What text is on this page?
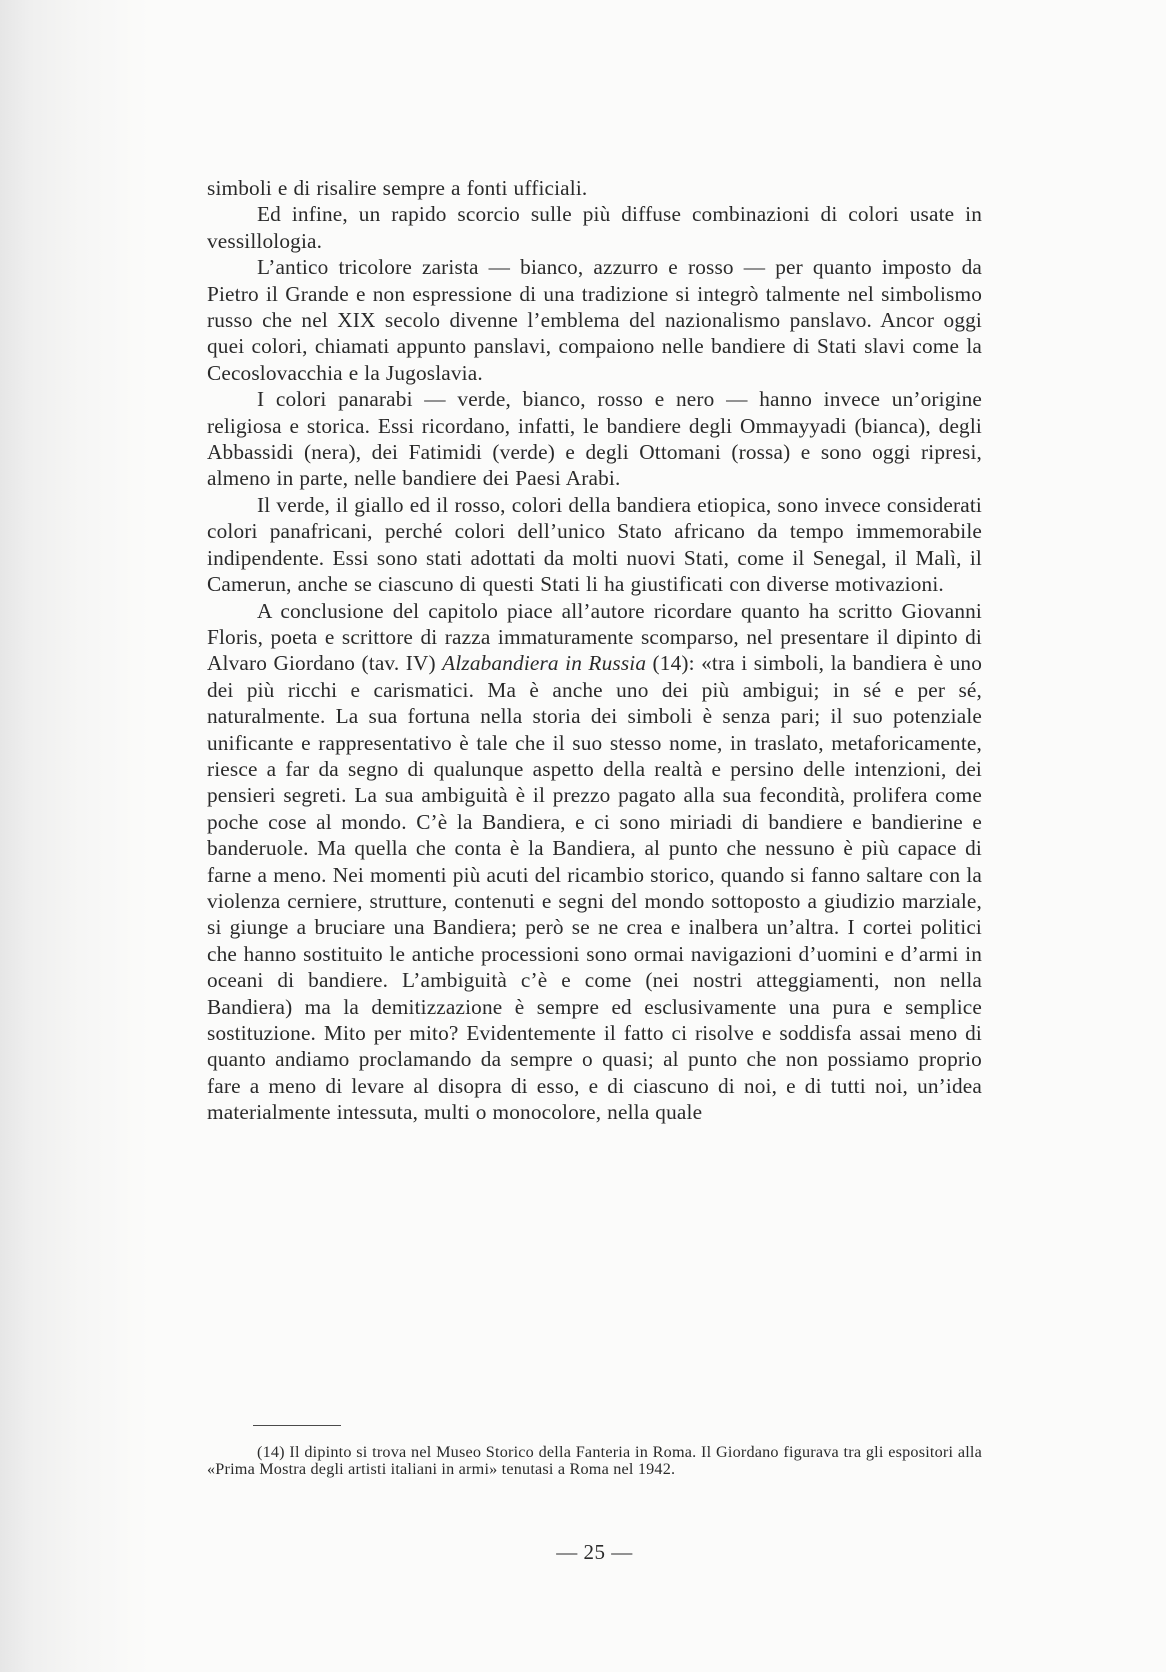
simboli e di risalire sempre a fonti ufficiali.

Ed infine, un rapido scorcio sulle più diffuse combinazioni di colori usate in vessillologia.

L’antico tricolore zarista — bianco, azzurro e rosso — per quanto imposto da Pietro il Grande e non espressione di una tradizione si integrò talmente nel simbolismo russo che nel XIX secolo divenne l’emblema del nazionalismo panslavo. Ancor oggi quei colori, chiamati appunto panslavi, compaiono nelle bandiere di Stati slavi come la Cecoslovacchia e la Jugoslavia.

I colori panarabi — verde, bianco, rosso e nero — hanno invece un’origine religiosa e storica. Essi ricordano, infatti, le bandiere degli Ommayyadi (bianca), degli Abbassidi (nera), dei Fatimidi (verde) e degli Ottomani (rossa) e sono oggi ripresi, almeno in parte, nelle bandiere dei Paesi Arabi.

Il verde, il giallo ed il rosso, colori della bandiera etiopica, sono invece considerati colori panafricani, perché colori dell’unico Stato africano da tempo immemorabile indipendente. Essi sono stati adottati da molti nuovi Stati, come il Senegal, il Malì, il Camerun, anche se ciascuno di questi Stati li ha giustificati con diverse motivazioni.

A conclusione del capitolo piace all’autore ricordare quanto ha scritto Giovanni Floris, poeta e scrittore di razza immaturamente scomparso, nel presentare il dipinto di Alvaro Giordano (tav. IV) Alzabandiera in Russia (14): «tra i simboli, la bandiera è uno dei più ricchi e carismatici. Ma è anche uno dei più ambigui; in sé e per sé, naturalmente. La sua fortuna nella storia dei simboli è senza pari; il suo potenziale unificante e rappresentativo è tale che il suo stesso nome, in traslato, metaforicamente, riesce a far da segno di qualunque aspetto della realtà e persino delle intenzioni, dei pensieri segreti. La sua ambiguità è il prezzo pagato alla sua fecondità, prolifera come poche cose al mondo. C’è la Bandiera, e ci sono miriadi di bandiere e bandierine e banderuole. Ma quella che conta è la Bandiera, al punto che nessuno è più capace di farne a meno. Nei momenti più acuti del ricambio storico, quando si fanno saltare con la violenza cerniere, strutture, contenuti e segni del mondo sottoposto a giudizio marziale, si giunge a bruciare una Bandiera; però se ne crea e inalbera un’altra. I cortei politici che hanno sostituito le antiche processioni sono ormai navigazioni d’uomini e d’armi in oceani di bandiere. L’ambiguità c’è e come (nei nostri atteggiamenti, non nella Bandiera) ma la demitizzazione è sempre ed esclusivamente una pura e semplice sostituzione. Mito per mito? Evidentemente il fatto ci risolve e soddisfa assai meno di quanto andiamo proclamando da sempre o quasi; al punto che non possiamo proprio fare a meno di levare al disopra di esso, e di ciascuno di noi, e di tutti noi, un’idea materialmente intessuta, multi o monocolore, nella quale

(14) Il dipinto si trova nel Museo Storico della Fanteria in Roma. Il Giordano figurava tra gli espositori alla «Prima Mostra degli artisti italiani in armi» tenutasi a Roma nel 1942.

— 25 —
